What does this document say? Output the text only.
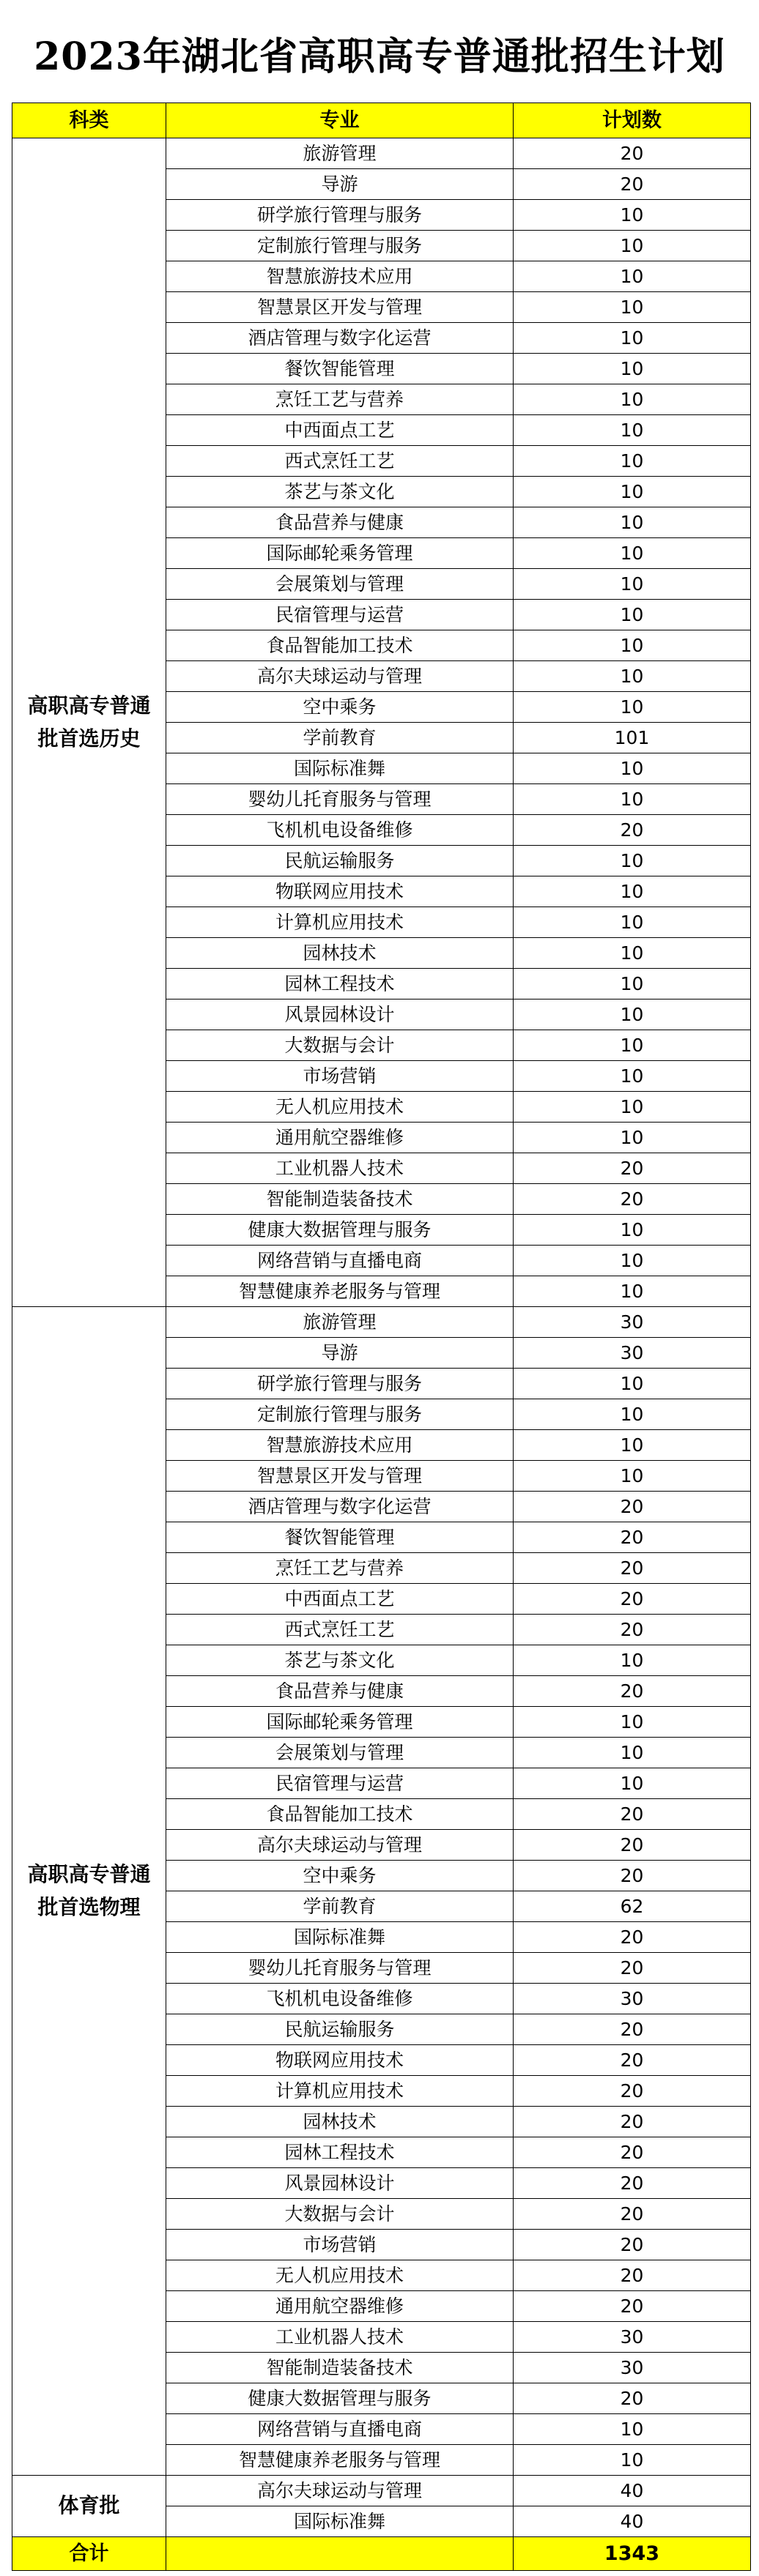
2023年湖北省高职高专普通批招生计划
科类	专业	计划数
高职高专普通
批首选历史	旅游管理	20
	导游	20
	研学旅行管理与服务	10
	定制旅行管理与服务	10
	智慧旅游技术应用	10
	智慧景区开发与管理	10
	酒店管理与数字化运营	10
	餐饮智能管理	10
	烹饪工艺与营养	10
	中西面点工艺	10
	西式烹饪工艺	10
	茶艺与茶文化	10
	食品营养与健康	10
	国际邮轮乘务管理	10
	会展策划与管理	10
	民宿管理与运营	10
	食品智能加工技术	10
	高尔夫球运动与管理	10
	空中乘务	10
	学前教育	101
	国际标准舞	10
	婴幼儿托育服务与管理	10
	飞机机电设备维修	20
	民航运输服务	10
	物联网应用技术	10
	计算机应用技术	10
	园林技术	10
	园林工程技术	10
	风景园林设计	10
	大数据与会计	10
	市场营销	10
	无人机应用技术	10
	通用航空器维修	10
	工业机器人技术	20
	智能制造装备技术	20
	健康大数据管理与服务	10
	网络营销与直播电商	10
	智慧健康养老服务与管理	10
高职高专普通
批首选物理	旅游管理	30
	导游	30
	研学旅行管理与服务	10
	定制旅行管理与服务	10
	智慧旅游技术应用	10
	智慧景区开发与管理	10
	酒店管理与数字化运营	20
	餐饮智能管理	20
	烹饪工艺与营养	20
	中西面点工艺	20
	西式烹饪工艺	20
	茶艺与茶文化	10
	食品营养与健康	20
	国际邮轮乘务管理	10
	会展策划与管理	10
	民宿管理与运营	10
	食品智能加工技术	20
	高尔夫球运动与管理	20
	空中乘务	20
	学前教育	62
	国际标准舞	20
	婴幼儿托育服务与管理	20
	飞机机电设备维修	30
	民航运输服务	20
	物联网应用技术	20
	计算机应用技术	20
	园林技术	20
	园林工程技术	20
	风景园林设计	20
	大数据与会计	20
	市场营销	20
	无人机应用技术	20
	通用航空器维修	20
	工业机器人技术	30
	智能制造装备技术	30
	健康大数据管理与服务	20
	网络营销与直播电商	10
	智慧健康养老服务与管理	10
体育批	高尔夫球运动与管理	40
	国际标准舞	40
合计		1343
